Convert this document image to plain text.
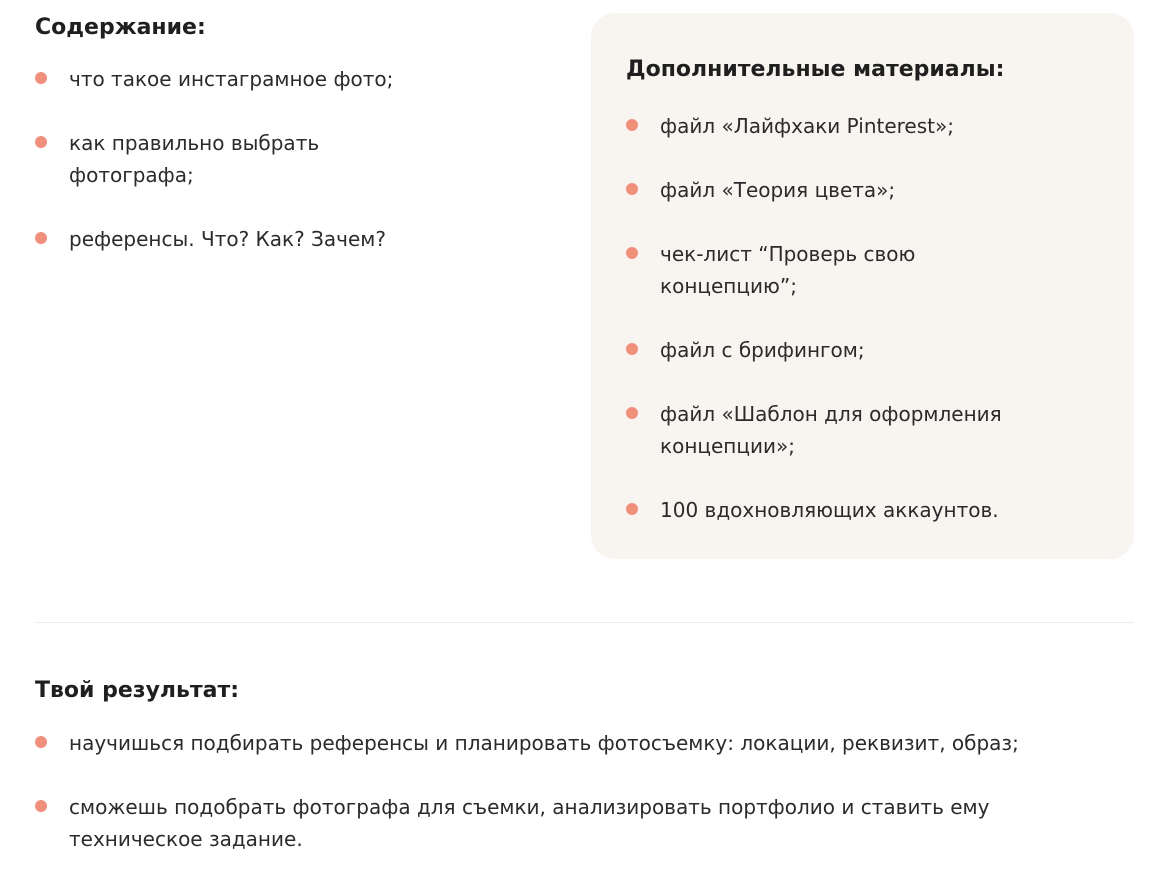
Содержание:
что такое инстаграмное фото;
как правильно выбрать фотографа;
референсы. Что? Как? Зачем?
Дополнительные материалы:
файл «Лайфхаки Pinterest»;
файл «Теория цвета»;
чек-лист “Проверь свою концепцию”;
файл с брифингом;
файл «Шаблон для оформления концепции»;
100 вдохновляющих аккаунтов.
Твой результат:
научишься подбирать референсы и планировать фотосъемку: локации, реквизит, образ;
сможешь подобрать фотографа для съемки, анализировать портфолио и ставить ему техническое задание.
